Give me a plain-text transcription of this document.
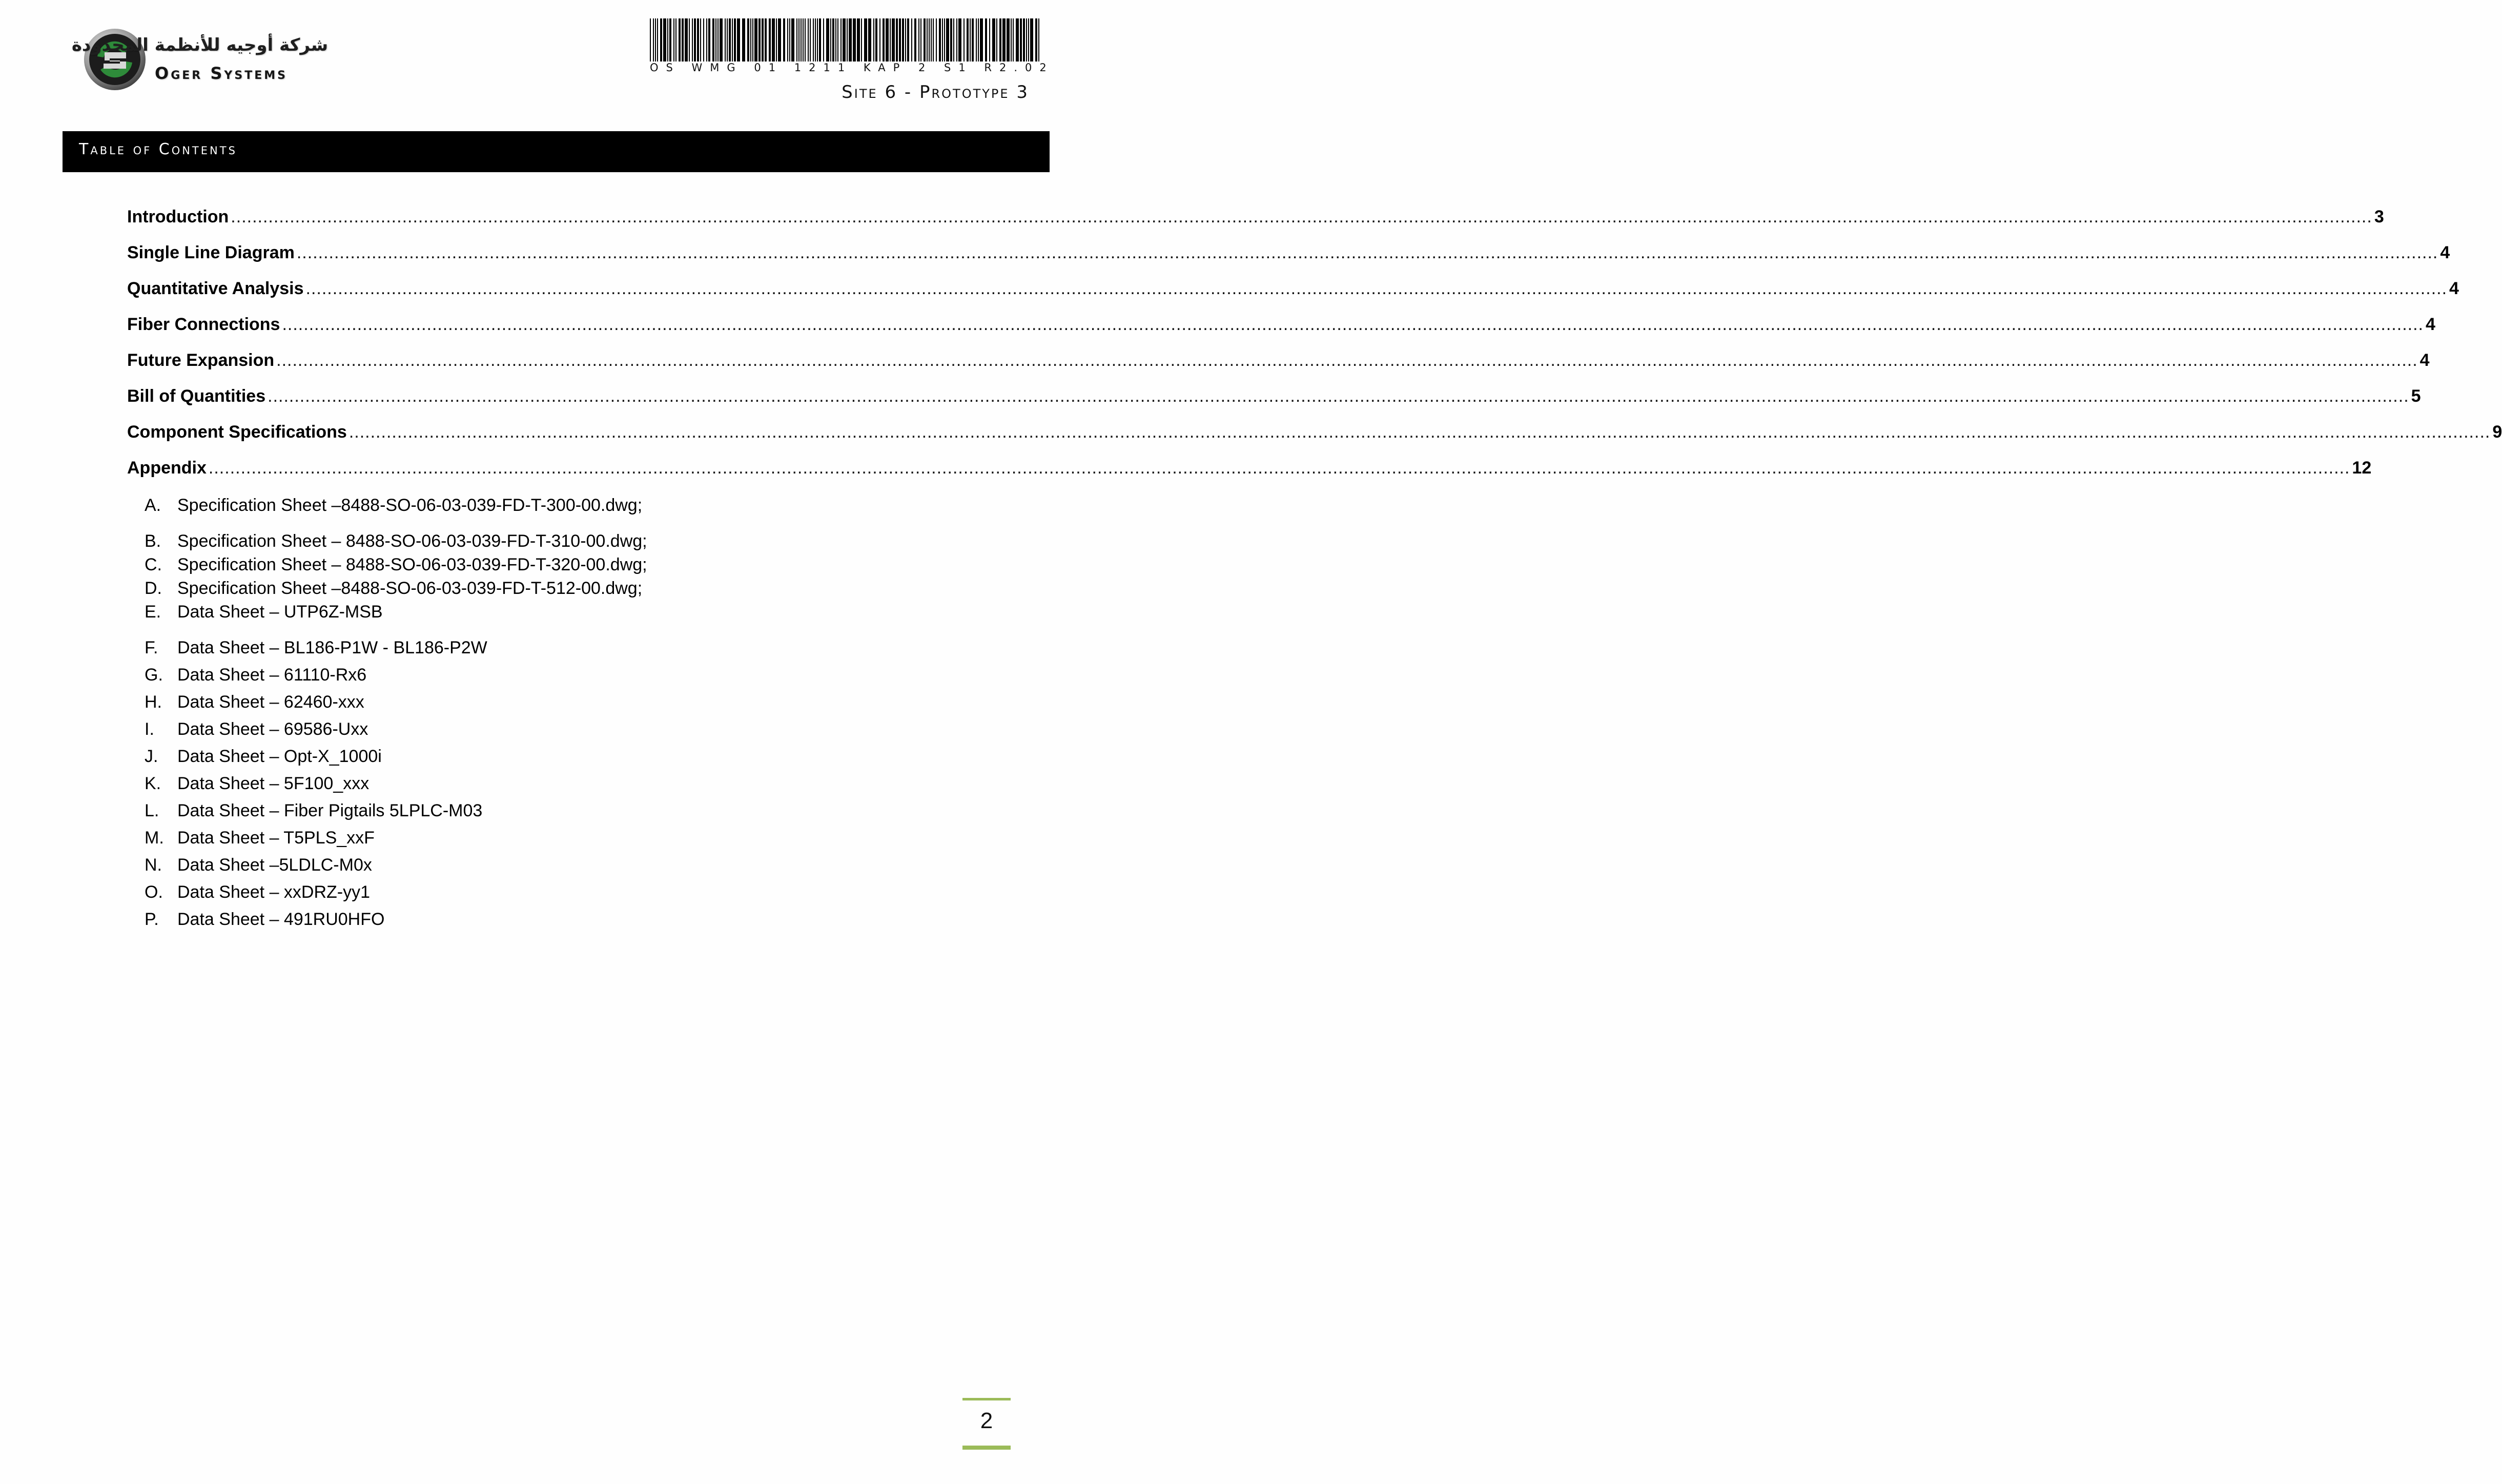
شركة أوجيه للأنظمة المحدودة
Oger Systems	OS WMG 01 1211 KAP 2 S1 R2.02
Site 6 - Prototype 3
Table of Contents
Introduction ................................................................................................................................................................................................................................................................................................................................................................................................................ 3
Single Line Diagram ................................................................................................................................................................................................................................................................................................................................................................................................................ 4
Quantitative Analysis ................................................................................................................................................................................................................................................................................................................................................................................................................ 4
Fiber Connections ................................................................................................................................................................................................................................................................................................................................................................................................................ 4
Future Expansion ................................................................................................................................................................................................................................................................................................................................................................................................................ 4
Bill of Quantities ................................................................................................................................................................................................................................................................................................................................................................................................................ 5
Component Specifications ................................................................................................................................................................................................................................................................................................................................................................................................................ 9
Appendix ................................................................................................................................................................................................................................................................................................................................................................................................................ 12
A. Specification Sheet –8488-SO-06-03-039-FD-T-300-00.dwg;
B. Specification Sheet – 8488-SO-06-03-039-FD-T-310-00.dwg;
C. Specification Sheet – 8488-SO-06-03-039-FD-T-320-00.dwg;
D. Specification Sheet –8488-SO-06-03-039-FD-T-512-00.dwg;
E. Data Sheet – UTP6Z-MSB
F. Data Sheet – BL186-P1W - BL186-P2W
G. Data Sheet – 61110-Rx6
H. Data Sheet – 62460-xxx
I. Data Sheet – 69586-Uxx
J. Data Sheet – Opt-X_1000i
K. Data Sheet – 5F100_xxx
L. Data Sheet – Fiber Pigtails 5LPLC-M03
M. Data Sheet – T5PLS_xxF
N. Data Sheet –5LDLC-M0x
O. Data Sheet – xxDRZ-yy1
P. Data Sheet – 491RU0HFO
2
